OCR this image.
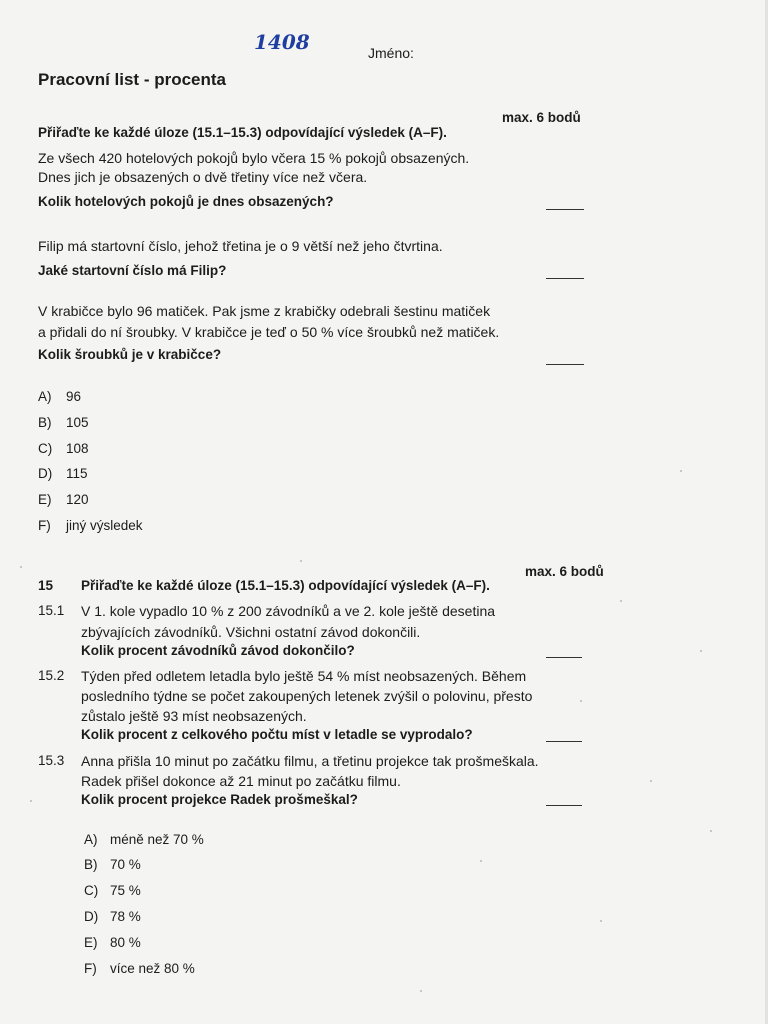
1408	Jméno:
Pracovní list - procenta
max. 6 bodů
Přiřaďte ke každé úloze (15.1–15.3) odpovídající výsledek (A–F).
Ze všech 420 hotelových pokojů bylo včera 15 % pokojů obsazených.
Dnes jich je obsazených o dvě třetiny více než včera.
Kolik hotelových pokojů je dnes obsazených?
Filip má startovní číslo, jehož třetina je o 9 větší než jeho čtvrtina.
Jaké startovní číslo má Filip?
V krabičce bylo 96 matiček. Pak jsme z krabičky odebrali šestinu matiček
a přidali do ní šroubky. V krabičce je teď o 50 % více šroubků než matiček.
Kolik šroubků je v krabičce?
A) 96
B) 105
C) 108
D) 115
E) 120
F) jiný výsledek
max. 6 bodů
15 Přiřaďte ke každé úloze (15.1–15.3) odpovídající výsledek (A–F).
15.1 V 1. kole vypadlo 10 % z 200 závodníků a ve 2. kole ještě desetina
zbývajících závodníků. Všichni ostatní závod dokončili.
Kolik procent závodníků závod dokončilo?
15.2 Týden před odletem letadla bylo ještě 54 % míst neobsazených. Během
posledního týdne se počet zakoupených letenek zvýšil o polovinu, přesto
zůstalo ještě 93 míst neobsazených.
Kolik procent z celkového počtu míst v letadle se vyprodalo?
15.3 Anna přišla 10 minut po začátku filmu, a třetinu projekce tak prošmeškala.
Radek přišel dokonce až 21 minut po začátku filmu.
Kolik procent projekce Radek prošmeškal?
A) méně než 70 %
B) 70 %
C) 75 %
D) 78 %
E) 80 %
F) více než 80 %
